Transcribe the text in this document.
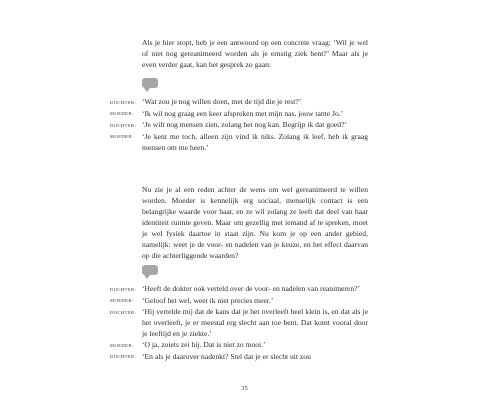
Als je hier stopt, heb je een antwoord op een concrete vraag: ‘Wil je wel of niet nog gereanimeerd worden als je ernstig ziek bent?’ Maar als je even verder gaat, kan het gesprek zo gaan:

DOCHTER: ‘Wat zou je nog willen doen, met de tijd die je rest?’
MOEDER:	‘Ik wil nog graag een keer afspreken met mijn nas, jouw tante Jo.’
DOCHTER: ‘Je wilt nog mensen zien, zolang het nog kan. Begrijp ik dat goed?’
MOEDER:	‘Je kent me toch, alleen zijn vind ik niks. Zolang ik leef, heb ik graag mensen om me heen.’

Nu zie je al een reden achter de wens om wel gereanimeerd te willen worden. Moeder is kennelijk erg sociaal, menselijk contact is een belangrijke waarde voor haar, en ze wil zolang ze leeft dat deel van haar identiteit ruimte geven. Maar om gezellig met iemand af te spreken, moet je wel fysiek daartoe in staat zijn. Nu kom je op een ander gebied, namelijk: weet je de voor- en nadelen van je keuze, en het effect daarvan op die achterliggende waarden?

DOCHTER: ‘Heeft de dokter ook verteld over de voor- en nadelen van reanimeren?’
MOEDER:	‘Geloof het wel, weet ik niet precies meer.’
DOCHTER: ‘Hij vertelde mij dat de kans dat je het overleeft heel klein is, en dat als je het overleeft, je er meestal erg slecht aan toe bent. Dat komt vooral door je leeftijd en je ziekte.’
MOEDER:	‘O ja, zoiets zei hij. Dat is niet zo mooi.’
DOCHTER: ‘En als je daarover nadenkt? Stel dat je er slecht uit zou
35
